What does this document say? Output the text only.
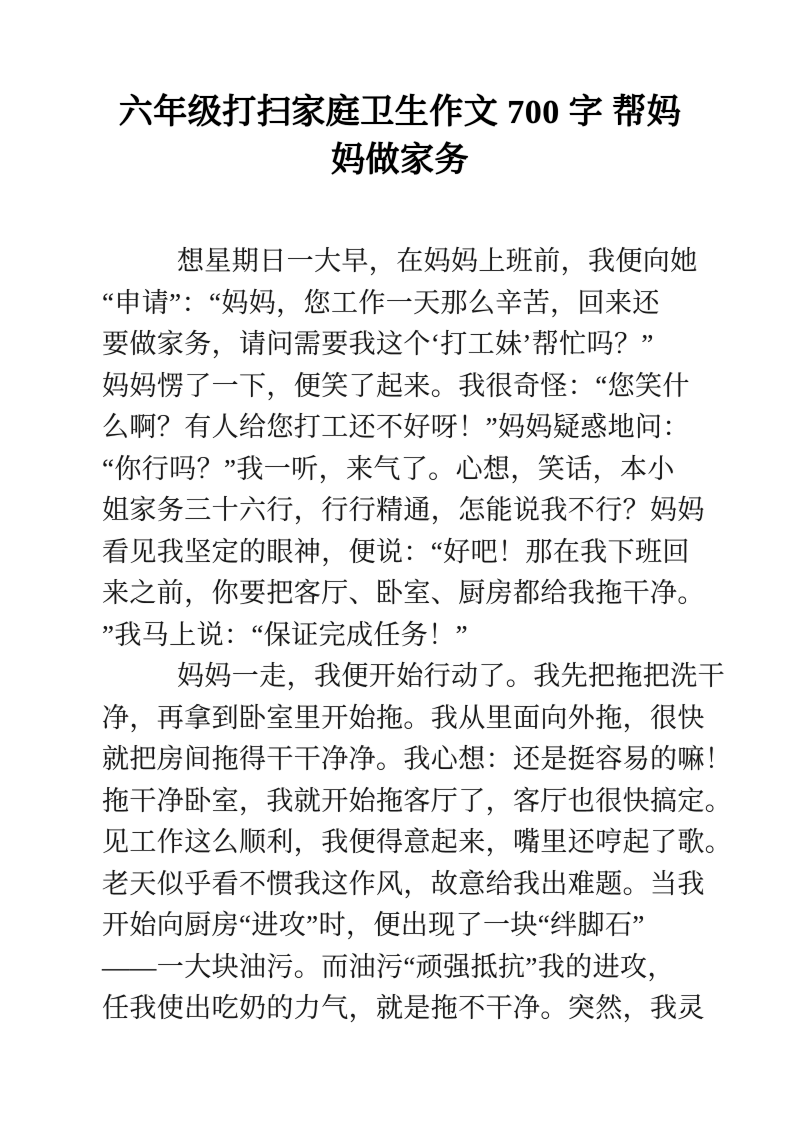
六年级打扫家庭卫生作文 700 字 帮妈
妈做家务
想星期日一大早，在妈妈上班前，我便向她
“申请”：“妈妈，您工作一天那么辛苦，回来还
要做家务，请问需要我这个‘打工妹’帮忙吗？”
妈妈愣了一下，便笑了起来。我很奇怪：“您笑什
么啊？有人给您打工还不好呀！”妈妈疑惑地问：
“你行吗？”我一听，来气了。心想，笑话，本小
姐家务三十六行，行行精通，怎能说我不行？妈妈
看见我坚定的眼神，便说：“好吧！那在我下班回
来之前，你要把客厅、卧室、厨房都给我拖干净。
”我马上说：“保证完成任务！”
妈妈一走，我便开始行动了。我先把拖把洗干
净，再拿到卧室里开始拖。我从里面向外拖，很快
就把房间拖得干干净净。我心想：还是挺容易的嘛！
拖干净卧室，我就开始拖客厅了，客厅也很快搞定。
见工作这么顺利，我便得意起来，嘴里还哼起了歌。
老天似乎看不惯我这作风，故意给我出难题。当我
开始向厨房“进攻”时，便出现了一块“绊脚石”
——一大块油污。而油污“顽强抵抗”我的进攻，
任我使出吃奶的力气，就是拖不干净。突然，我灵
